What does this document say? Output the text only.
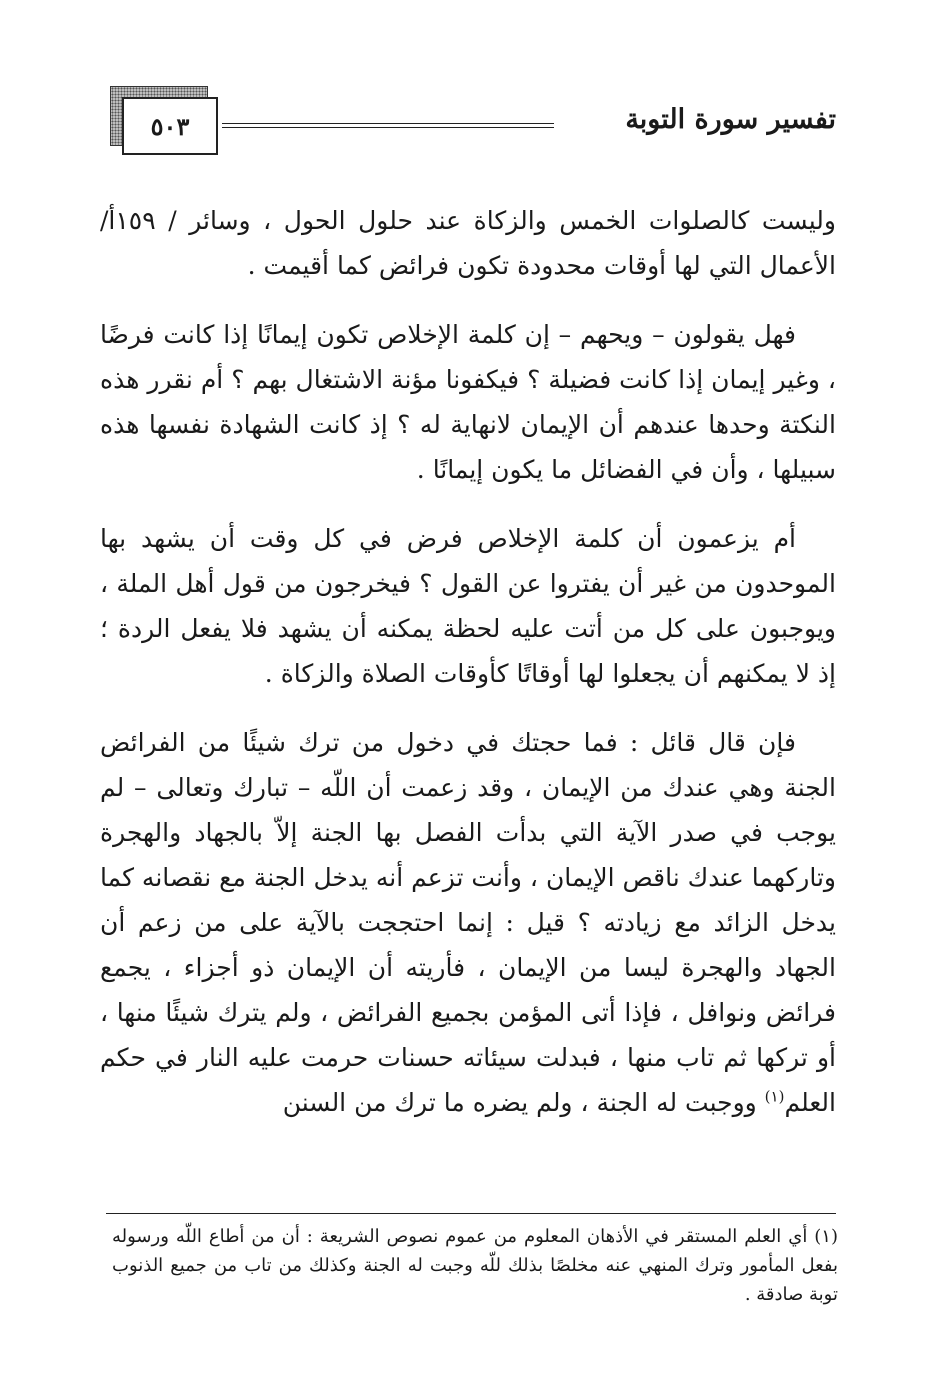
تفسير سورة التوبة
٥٠٣

وليست كالصلوات الخمس والزكاة عند حلول الحول ، وسائر / ١٥٩أ/ الأعمال التي لها أوقات محدودة تكون فرائض كما أقيمت .

فهل يقولون – ويحهم – إن كلمة الإخلاص تكون إيمانًا إذا كانت فرضًا ، وغير إيمان إذا كانت فضيلة ؟ فيكفونا مؤنة الاشتغال بهم ؟ أم نقرر هذه النكتة وحدها عندهم أن الإيمان لانهاية له ؟ إذ كانت الشهادة نفسها هذه سبيلها ، وأن في الفضائل ما يكون إيمانًا .

أم يزعمون أن كلمة الإخلاص فرض في كل وقت أن يشهد بها الموحدون من غير أن يفتروا عن القول ؟ فيخرجون من قول أهل الملة ، ويوجبون على كل من أتت عليه لحظة يمكنه أن يشهد فلا يفعل الردة ؛ إذ لا يمكنهم أن يجعلوا لها أوقاتًا كأوقات الصلاة والزكاة .

فإن قال قائل : فما حجتك في دخول من ترك شيئًا من الفرائض الجنة وهي عندك من الإيمان ، وقد زعمت أن اللّه – تبارك وتعالى – لم يوجب في صدر الآية التي بدأت الفصل بها الجنة إلاّ بالجهاد والهجرة وتاركهما عندك ناقص الإيمان ، وأنت تزعم أنه يدخل الجنة مع نقصانه كما يدخل الزائد مع زيادته ؟ قيل : إنما احتججت بالآية على من زعم أن الجهاد والهجرة ليسا من الإيمان ، فأريته أن الإيمان ذو أجزاء ، يجمع فرائض ونوافل ، فإذا أتى المؤمن بجميع الفرائض ، ولم يترك شيئًا منها ، أو تركها ثم تاب منها ، فبدلت سيئاته حسنات حرمت عليه النار في حكم العلم$^{(١)}$ ووجبت له الجنة ، ولم يضره ما ترك من السنن

(١) أي العلم المستقر في الأذهان المعلوم من عموم نصوص الشريعة : أن من أطاع اللّه ورسوله بفعل المأمور وترك المنهي عنه مخلصًا بذلك للّه وجبت له الجنة وكذلك من تاب من جميع الذنوب توبة صادقة .
